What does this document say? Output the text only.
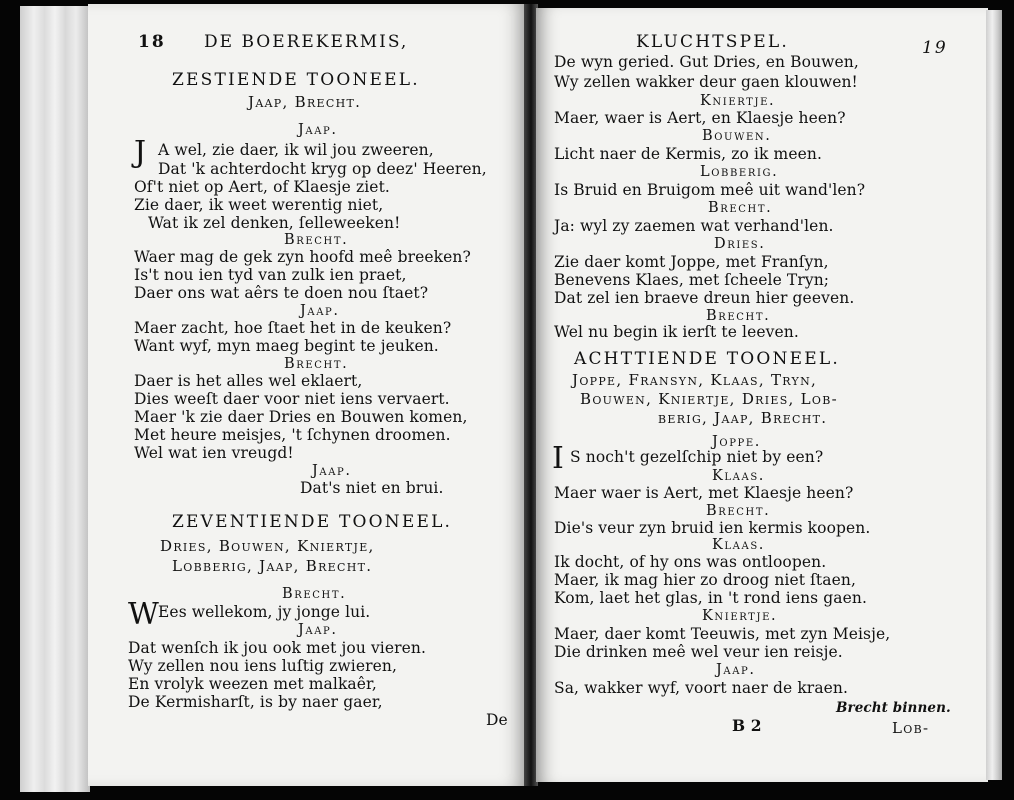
18 DE BOEREKERMIS,
ZESTIENDE TOONEEL.
Jaap, Brecht.
Jaap.
J A wel, zie daer, ik wil jou zweeren,
Dat 'k achterdocht kryg op deez' Heeren,
Of't niet op Aert, of Klaesje ziet.
Zie daer, ik weet werentig niet,
Wat ik zel denken, ſelleweeken!
Brecht.
Waer mag de gek zyn hoofd meê breeken?
Is't nou ien tyd van zulk ien praet,
Daer ons wat aêrs te doen nou ſtaet?
Jaap.
Maer zacht, hoe ſtaet het in de keuken?
Want wyf, myn maeg begint te jeuken.
Brecht.
Daer is het alles wel eklaert,
Dies weeſt daer voor niet iens vervaert.
Maer 'k zie daer Dries en Bouwen komen,
Met heure meisjes, 't ſchynen droomen.
Wel wat ien vreugd!
Jaap.
Dat's niet en brui.
ZEVENTIENDE TOONEEL.
Dries, Bouwen, Kniertje,
Lobberig, Jaap, Brecht.
Brecht.
W Ees wellekom, jy jonge lui.
Jaap.
Dat wenſch ik jou ook met jou vieren.
Wy zellen nou iens luſtig zwieren,
En vrolyk weezen met malkaêr,
De Kermisharſt, is by naer gaer,
De
KLUCHTSPEL.	19
De wyn geried. Gut Dries, en Bouwen,
Wy zellen wakker deur gaen klouwen!
Kniertje.
Maer, waer is Aert, en Klaesje heen?
Bouwen.
Licht naer de Kermis, zo ik meen.
Lobberig.
Is Bruid en Bruigom meê uit wand'len?
Brecht.
Ja: wyl zy zaemen wat verhand'len.
Dries.
Zie daer komt Joppe, met Franſyn,
Benevens Klaes, met ſcheele Tryn;
Dat zel ien braeve dreun hier geeven.
Brecht.
Wel nu begin ik ierſt te leeven.
ACHTTIENDE TOONEEL.
Joppe, Fransyn, Klaas, Tryn,
Bouwen, Kniertje, Dries, Lob-
berig, Jaap, Brecht.
Joppe.
I S noch't gezelſchip niet by een?
Klaas.
Maer waer is Aert, met Klaesje heen?
Brecht.
Die's veur zyn bruid ien kermis koopen.
Klaas.
Ik docht, of hy ons was ontloopen.
Maer, ik mag hier zo droog niet ſtaen,
Kom, laet het glas, in 't rond iens gaen.
Kniertje.
Maer, daer komt Teeuwis, met zyn Meisje,
Die drinken meê wel veur ien reisje.
Jaap.
Sa, wakker wyf, voort naer de kraen.
Brecht binnen.
B 2	Lob-
